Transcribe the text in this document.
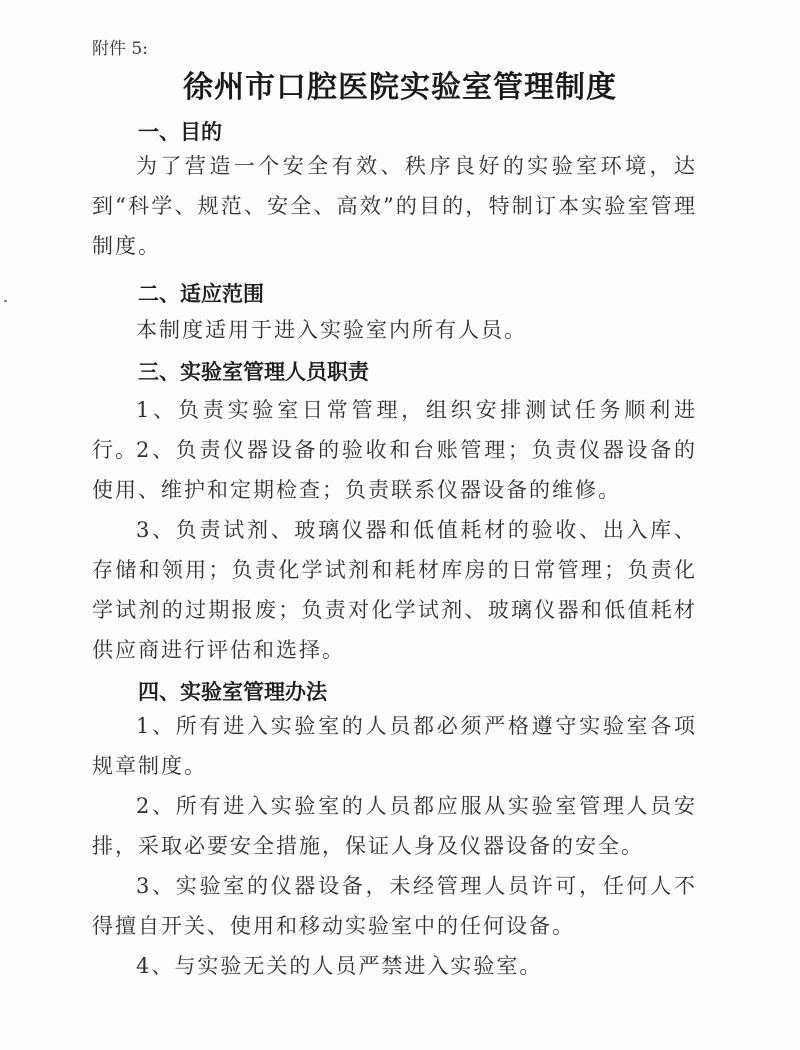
附件 5:
徐州市口腔医院实验室管理制度
一、目的
为了营造一个安全有效、秩序良好的实验室环境，达到“科学、规范、安全、高效”的目的，特制订本实验室管理制度。
二、适应范围
本制度适用于进入实验室内所有人员。
三、实验室管理人员职责
1、负责实验室日常管理，组织安排测试任务顺利进行。
2、负责仪器设备的验收和台账管理；负责仪器设备的使用、维护和定期检查；负责联系仪器设备的维修。
3、负责试剂、玻璃仪器和低值耗材的验收、出入库、存储和领用；负责化学试剂和耗材库房的日常管理；负责化学试剂的过期报废；负责对化学试剂、玻璃仪器和低值耗材供应商进行评估和选择。
四、实验室管理办法
1、所有进入实验室的人员都必须严格遵守实验室各项规章制度。
2、所有进入实验室的人员都应服从实验室管理人员安排，采取必要安全措施，保证人身及仪器设备的安全。
3、实验室的仪器设备，未经管理人员许可，任何人不得擅自开关、使用和移动实验室中的任何设备。
4、与实验无关的人员严禁进入实验室。
